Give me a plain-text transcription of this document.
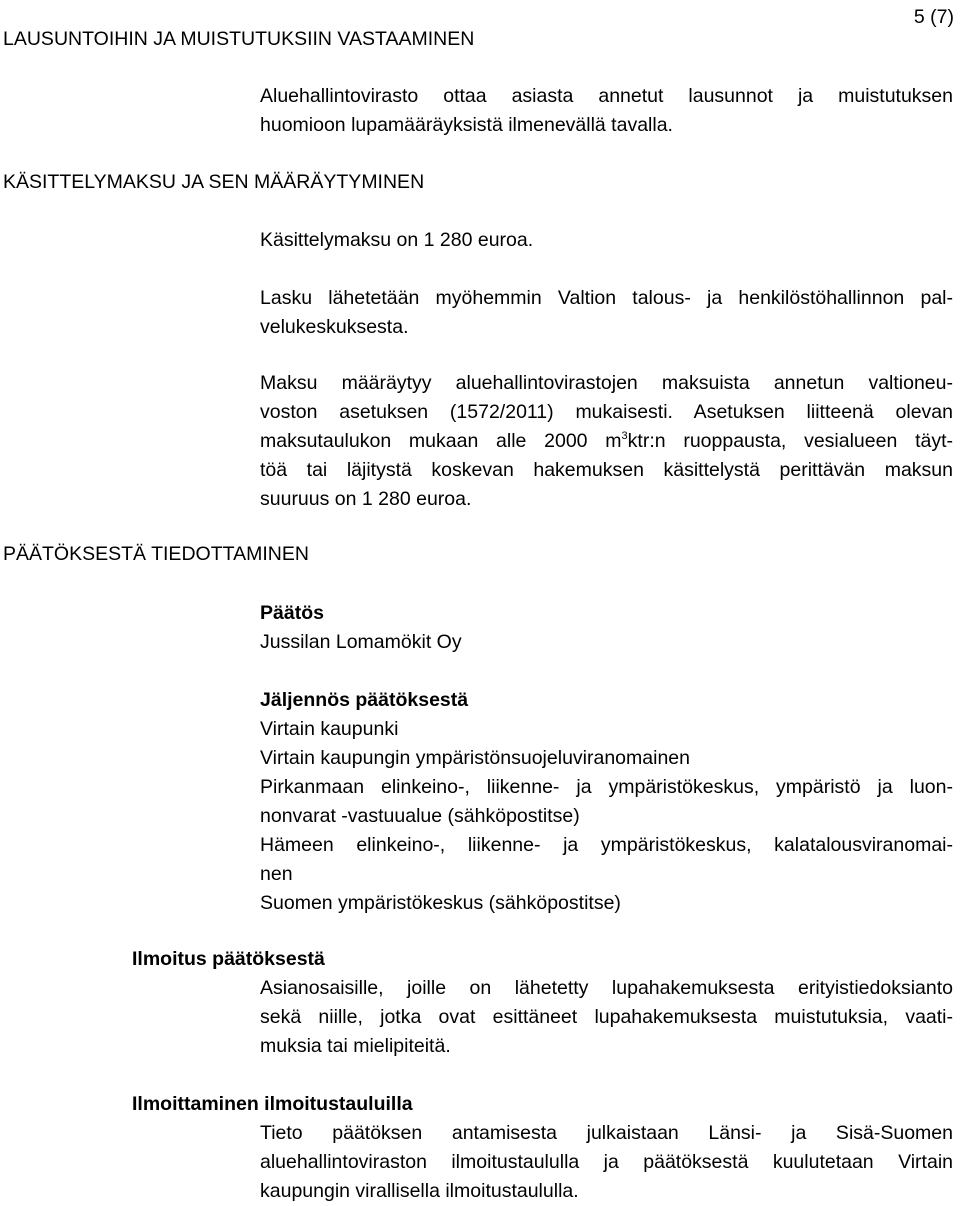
5 (7)
LAUSUNTOIHIN JA MUISTUTUKSIIN VASTAAMINEN
Aluehallintovirasto ottaa asiasta annetut lausunnot ja muistutuksen
huomioon lupamääräyksistä ilmenevällä tavalla.
KÄSITTELYMAKSU JA SEN MÄÄRÄYTYMINEN
Käsittelymaksu on 1 280 euroa.
Lasku lähetetään myöhemmin Valtion talous- ja henkilöstöhallinnon pal-
velukeskuksesta.
Maksu määräytyy aluehallintovirastojen maksuista annetun valtioneu-
voston asetuksen (1572/2011) mukaisesti. Asetuksen liitteenä olevan
maksutaulukon mukaan alle 2000 $m^3ktr:n$ ruoppausta, vesialueen täyt-
töä tai läjitystä koskevan hakemuksen käsittelystä perittävän maksun
suuruus on 1 280 euroa.
PÄÄTÖKSESTÄ TIEDOTTAMINEN
Päätös
Jussilan Lomamökit Oy
Jäljennös päätöksestä
Virtain kaupunki
Virtain kaupungin ympäristönsuojeluviranomainen
Pirkanmaan elinkeino-, liikenne- ja ympäristökeskus, ympäristö ja luon-
nonvarat -vastuualue (sähköpostitse)
Hämeen elinkeino-, liikenne- ja ympäristökeskus, kalatalousviranomai-
nen
Suomen ympäristökeskus (sähköpostitse)
Ilmoitus päätöksestä
Asianosaisille, joille on lähetetty lupahakemuksesta erityistiedoksianto
sekä niille, jotka ovat esittäneet lupahakemuksesta muistutuksia, vaati-
muksia tai mielipiteitä.
Ilmoittaminen ilmoitustauluilla
Tieto päätöksen antamisesta julkaistaan Länsi- ja Sisä-Suomen
aluehallintoviraston ilmoitustaululla ja päätöksestä kuulutetaan Virtain
kaupungin virallisella ilmoitustaululla.
